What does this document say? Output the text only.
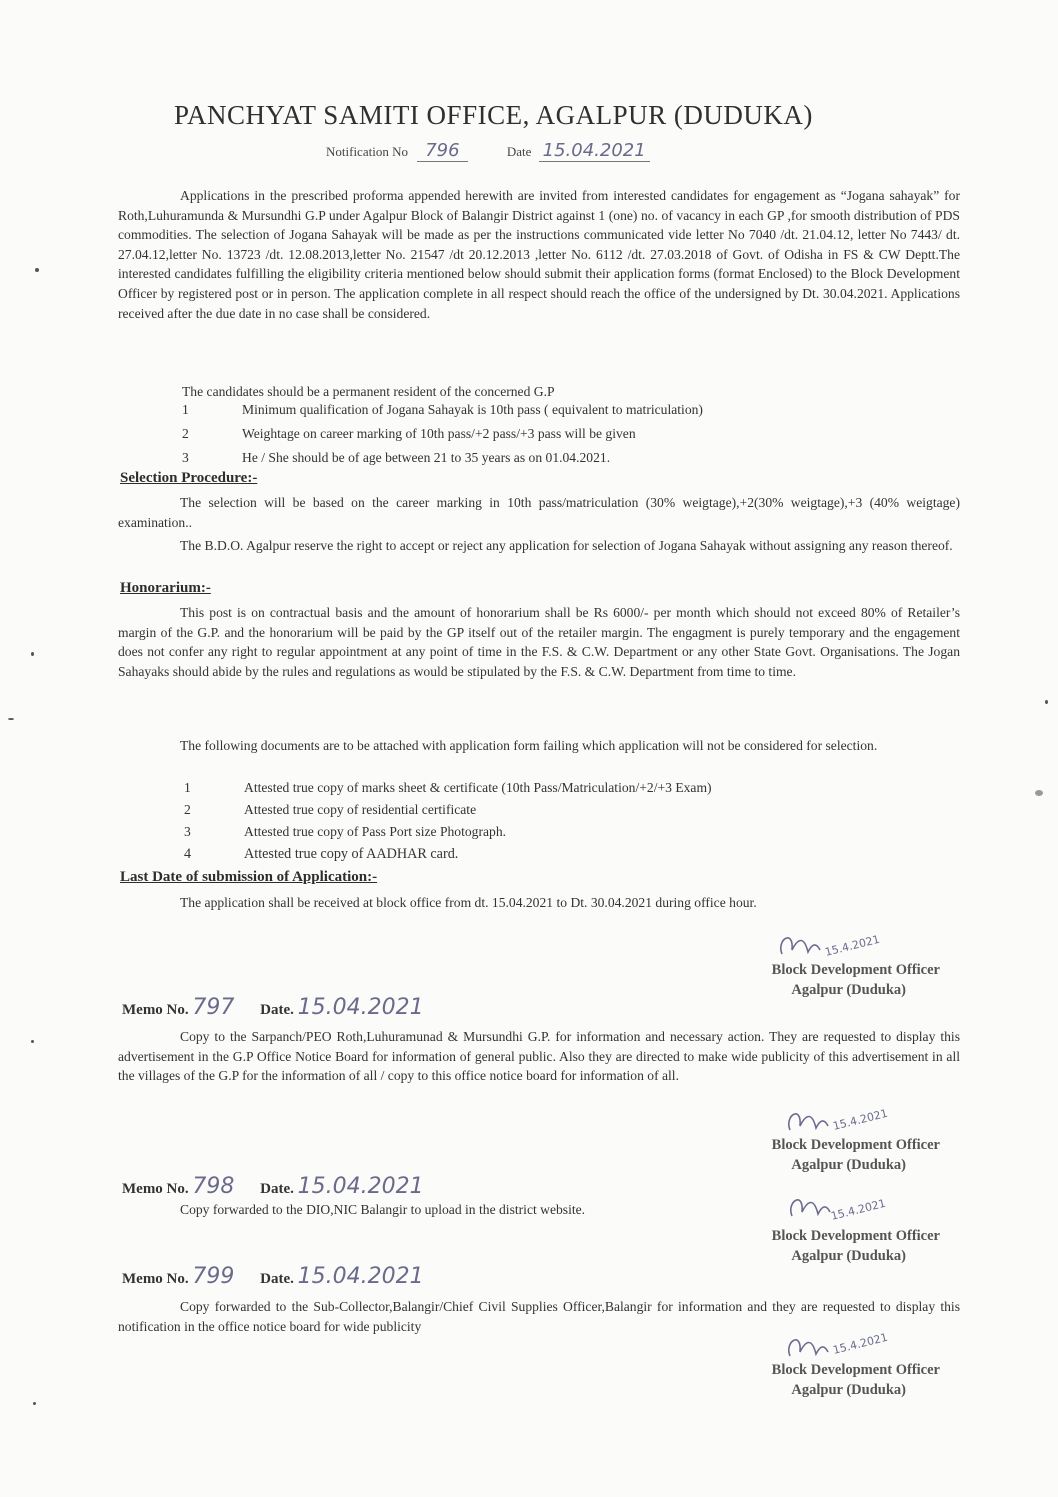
PANCHYAT SAMITI OFFICE, AGALPUR (DUDUKA)
Notification No 796	Date 15.04.2021

Applications in the prescribed proforma appended herewith are invited from interested candidates for engagement as “Jogana sahayak” for Roth,Luhuramunda & Mursundhi G.P under Agalpur Block of Balangir District against 1 (one) no. of vacancy in each GP ,for smooth distribution of PDS commodities. The selection of Jogana Sahayak will be made as per the instructions communicated vide letter No 7040 /dt. 21.04.12, letter No 7443/ dt. 27.04.12,letter No. 13723 /dt. 12.08.2013,letter No. 21547 /dt 20.12.2013 ,letter No. 6112 /dt. 27.03.2018 of Govt. of Odisha in FS & CW Deptt.The interested candidates fulfilling the eligibility criteria mentioned below should submit their application forms (format Enclosed) to the Block Development Officer by registered post or in person. The application complete in all respect should reach the office of the undersigned by Dt. 30.04.2021. Applications received after the due date in no case shall be considered.

The candidates should be a permanent resident of the concerned G.P

1	Minimum qualification of Jogana Sahayak is 10th pass ( equivalent to matriculation)
2	Weightage on career marking of 10th pass/+2 pass/+3 pass will be given
3	He / She should be of age between 21 to 35 years as on 01.04.2021.
Selection Procedure:-

The selection will be based on the career marking in 10th pass/matriculation (30% weigtage),+2(30% weigtage),+3 (40% weigtage) examination..

The B.D.O. Agalpur reserve the right to accept or reject any application for selection of Jogana Sahayak without assigning any reason thereof.

Honorarium:-

This post is on contractual basis and the amount of honorarium shall be Rs 6000/- per month which should not exceed 80% of Retailer’s margin of the G.P. and the honorarium will be paid by the GP itself out of the retailer margin. The engagment is purely temporary and the engagement does not confer any right to regular appointment at any point of time in the F.S. & C.W. Department or any other State Govt. Organisations. The Jogan Sahayaks should abide by the rules and regulations as would be stipulated by the F.S. & C.W. Department from time to time.

The following documents are to be attached with application form failing which application will not be considered for selection.

1	Attested true copy of marks sheet & certificate (10th Pass/Matriculation/+2/+3 Exam)
2	Attested true copy of residential certificate
3	Attested true copy of Pass Port size Photograph.
4	Attested true copy of AADHAR card.
Last Date of submission of Application:-

The application shall be received at block office from dt. 15.04.2021 to Dt. 30.04.2021 during office hour.

15.4.2021
Block Development Officer
Agalpur (Duduka)
Memo No. 797 Date. 15.04.2021

Copy to the Sarpanch/PEO Roth,Luhuramunad & Mursundhi G.P. for information and necessary action. They are requested to display this advertisement in the G.P Office Notice Board for information of general public. Also they are directed to make wide publicity of this advertisement in all the villages of the G.P for the information of all / copy to this office notice board for information of all.

15.4.2021
Block Development Officer
Agalpur (Duduka)
Memo No. 798 Date. 15.04.2021

Copy forwarded to the DIO,NIC Balangir to upload in the district website.	15.4.2021
Block Development Officer
Agalpur (Duduka)
Memo No. 799 Date. 15.04.2021

Copy forwarded to the Sub-Collector,Balangir/Chief Civil Supplies Officer,Balangir for information and they are requested to display this notification in the office notice board for wide publicity

15.4.2021
Block Development Officer
Agalpur (Duduka)
